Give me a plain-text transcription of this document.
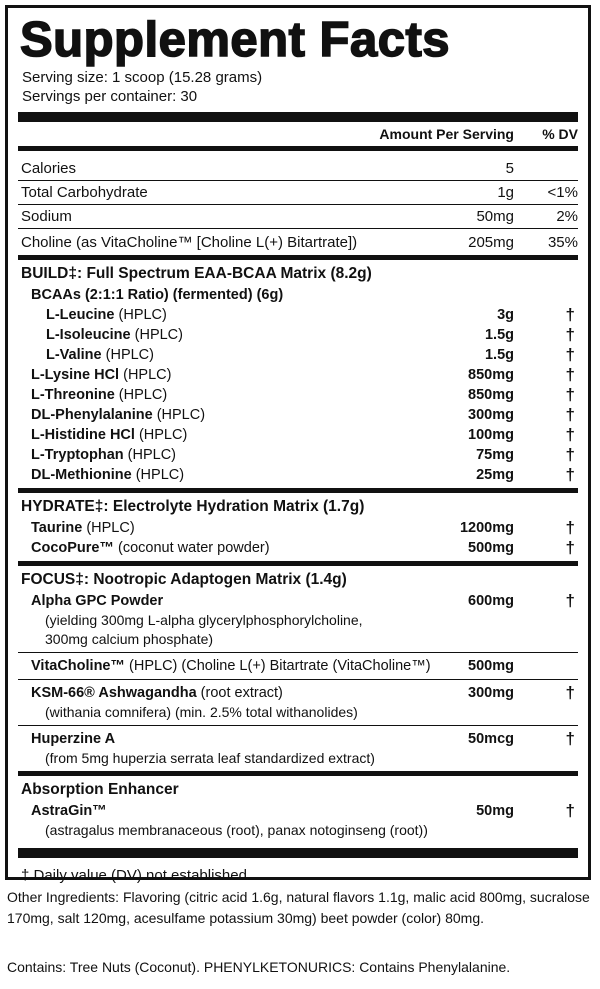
Supplement Facts
Serving size: 1 scoop (15.28 grams)
Servings per container: 30
Amount Per Serving	% DV
Calories	5
Total Carbohydrate	1g	<1%
Sodium	50mg	2%
Choline (as VitaCholine™ [Choline L(+) Bitartrate])	205mg	35%
BUILD‡: Full Spectrum EAA-BCAA Matrix (8.2g)
BCAAs (2:1:1 Ratio) (fermented) (6g)
L-Leucine (HPLC)	3g	†
L-Isoleucine (HPLC)	1.5g	†
L-Valine (HPLC)	1.5g	†
L-Lysine HCl (HPLC)	850mg	†
L-Threonine (HPLC)	850mg	†
DL-Phenylalanine (HPLC)	300mg	†
L-Histidine HCl (HPLC)	100mg	†
L-Tryptophan (HPLC)	75mg	†
DL-Methionine (HPLC)	25mg	†
HYDRATE‡: Electrolyte Hydration Matrix (1.7g)
Taurine (HPLC)	1200mg	†
CocoPure™ (coconut water powder)	500mg	†
FOCUS‡: Nootropic Adaptogen Matrix (1.4g)
Alpha GPC Powder	600mg	†
(yielding 300mg L-alpha glycerylphosphorylcholine,
300mg calcium phosphate)
VitaCholine™ (HPLC) (Choline L(+) Bitartrate (VitaCholine™)	500mg
KSM-66® Ashwagandha (root extract)	300mg	†
(withania comnifera) (min. 2.5% total withanolides)
Huperzine A	50mcg	†
(from 5mg huperzia serrata leaf standardized extract)
Absorption Enhancer
AstraGin™	50mg	†
(astragalus membranaceous (root), panax notoginseng (root))
† Daily value (DV) not established.
Other Ingredients: Flavoring (citric acid 1.6g, natural flavors 1.1g, malic acid 800mg, sucralose 170mg, salt 120mg, acesulfame potassium 30mg) beet powder (color) 80mg.
Contains: Tree Nuts (Coconut). PHENYLKETONURICS: Contains Phenylalanine.
